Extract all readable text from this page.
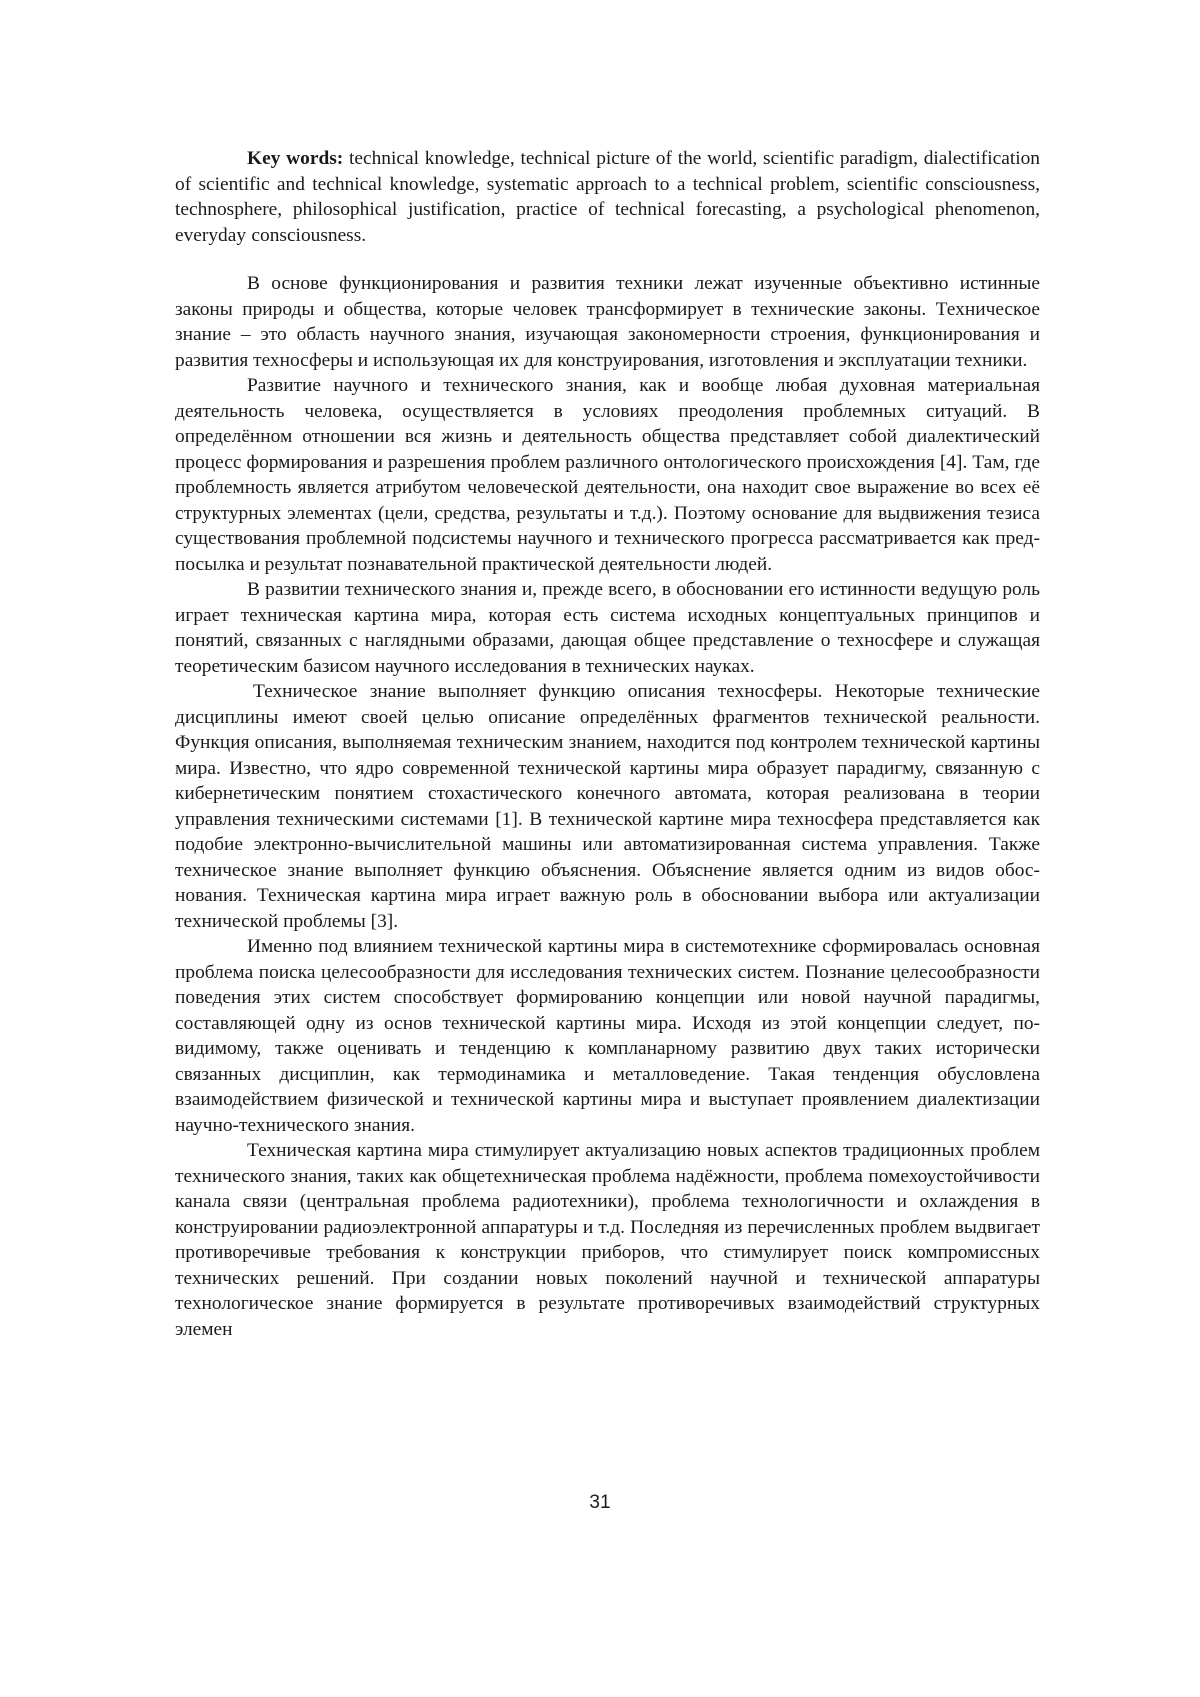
Key words: technical knowledge, technical picture of the world, scientific paradigm, dialectification of scientific and technical knowledge, systematic approach to a technical problem, scientific consciousness, technosphere, philosophical justification, practice of technical forecasting, a psychological phenomenon, everyday consciousness.

В основе функционирования и развития техники лежат изученные объективно истинные законы природы и общества, которые человек трансформирует в технические законы. Техническое знание – это область научного знания, изучающая закономерности строения, функционирования и развития техносферы и использующая их для конструирования, изготовления и эксплуатации техники.

Развитие научного и технического знания, как и вообще любая духовная материальная деятельность человека, осуществляется в условиях преодоления проблемных ситуаций. В определённом отношении вся жизнь и деятельность общества представляет собой диалектический процесс формирования и разрешения проблем различного онтологического происхождения [4]. Там, где проблемность является атрибутом человеческой деятельности, она находит свое выражение во всех её структурных элементах (цели, средства, результаты и т.д.). Поэтому основание для выдвижения тезиса существования проблемной подсистемы научного и технического прогресса рассматривается как предпосылка и результат познавательной практической деятельности людей.

В развитии технического знания и, прежде всего, в обосновании его истинности ведущую роль играет техническая картина мира, которая есть система исходных концептуальных принципов и понятий, связанных с наглядными образами, дающая общее представление о техносфере и служащая теоретическим базисом научного исследования в технических науках.

Техническое знание выполняет функцию описания техносферы. Некоторые технические дисциплины имеют своей целью описание определённых фрагментов технической реальности. Функция описания, выполняемая техническим знанием, находится под контролем технической картины мира. Известно, что ядро современной технической картины мира образует парадигму, связанную с кибернетическим понятием стохастического конечного автомата, которая реализована в теории управления техническими системами [1]. В технической картине мира техносфера представляется как подобие электронно-вычислительной машины или автоматизированная система управления. Также техническое знание выполняет функцию объяснения. Объяснение является одним из видов обоснования. Техническая картина мира играет важную роль в обосновании выбора или актуализации технической проблемы [3].

Именно под влиянием технической картины мира в системотехнике сформировалась основная проблема поиска целесообразности для исследования технических систем. Познание целесообразности поведения этих систем способствует формированию концепции или новой научной парадигмы, составляющей одну из основ технической картины мира. Исходя из этой концепции следует, по-видимому, также оценивать и тенденцию к компланарному развитию двух таких исторически связанных дисциплин, как термодинамика и металловедение. Такая тенденция обусловлена взаимодействием физической и технической картины мира и выступает проявлением диалектизации научно-технического знания.

Техническая картина мира стимулирует актуализацию новых аспектов традиционных проблем технического знания, таких как общетехническая проблема надёжности, проблема помехоустойчивости канала связи (центральная проблема радиотехники), проблема технологичности и охлаждения в конструировании радиоэлектронной аппаратуры и т.д. Последняя из перечисленных проблем выдвигает противоречивые требования к конструкции приборов, что стимулирует поиск компромиссных технических решений. При создании новых поколений научной и технической аппаратуры технологическое знание формируется в результате противоречивых взаимодействий структурных элемен

31
